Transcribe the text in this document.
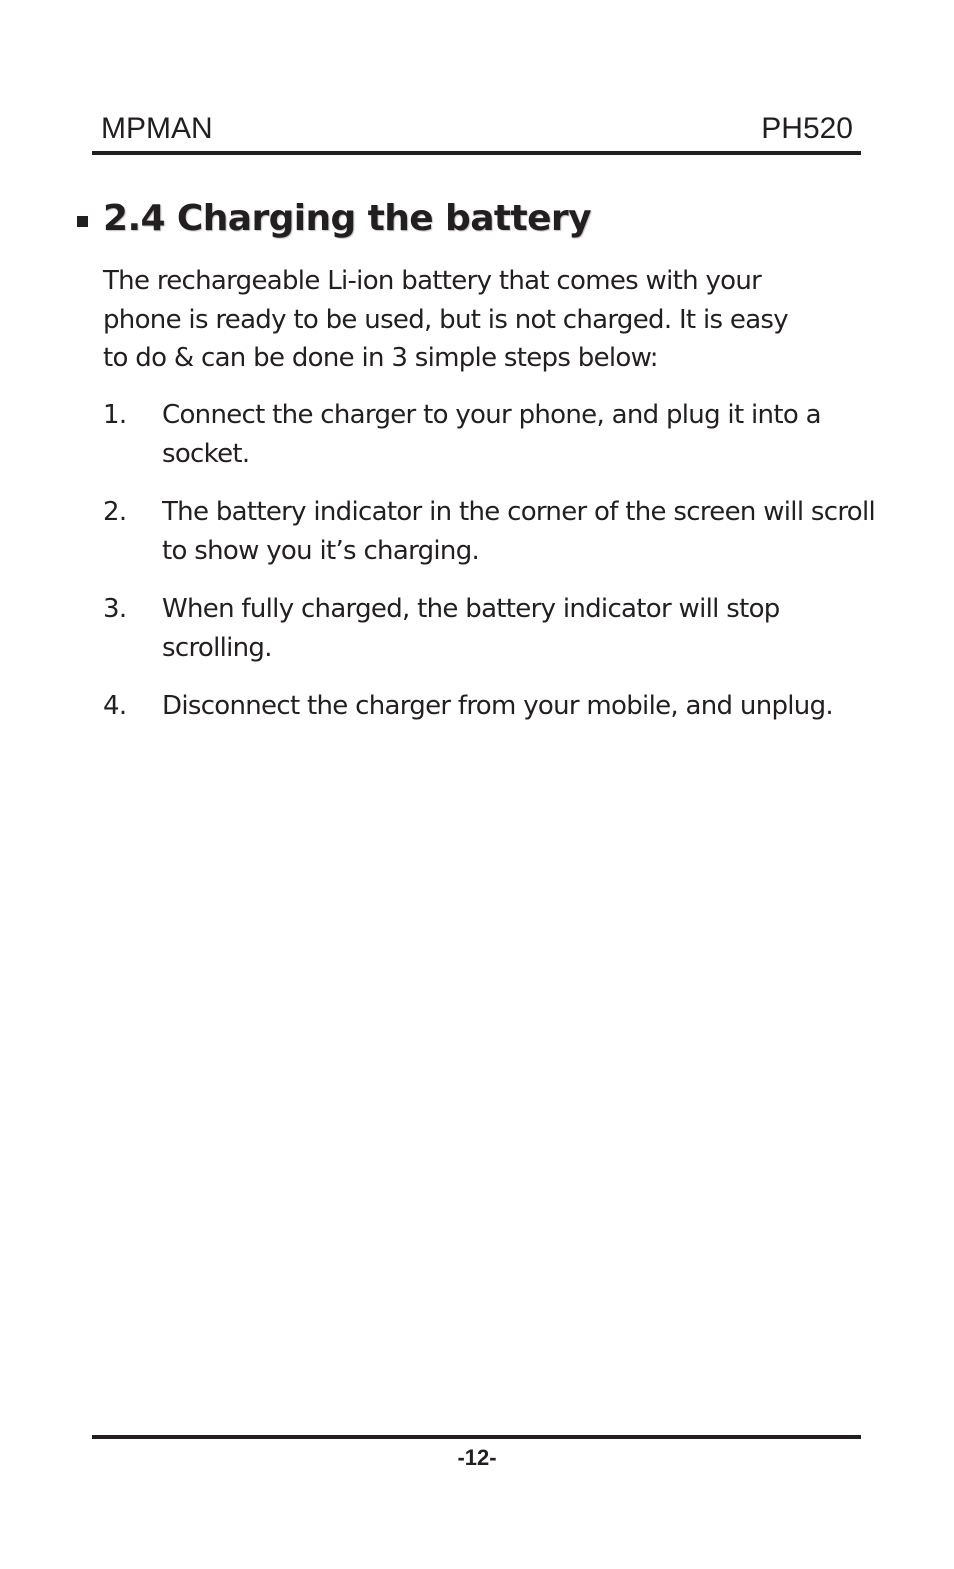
MPMAN	PH520
2.4 Charging the battery
The rechargeable Li-ion battery that comes with your
phone is ready to be used, but is not charged. It is easy
to do & can be done in 3 simple steps below:
1. Connect the charger to your phone, and plug it into a socket.
2. The battery indicator in the corner of the screen will scroll to show you it’s charging.
3. When fully charged, the battery indicator will stop scrolling.
4. Disconnect the charger from your mobile, and unplug.
-12-
